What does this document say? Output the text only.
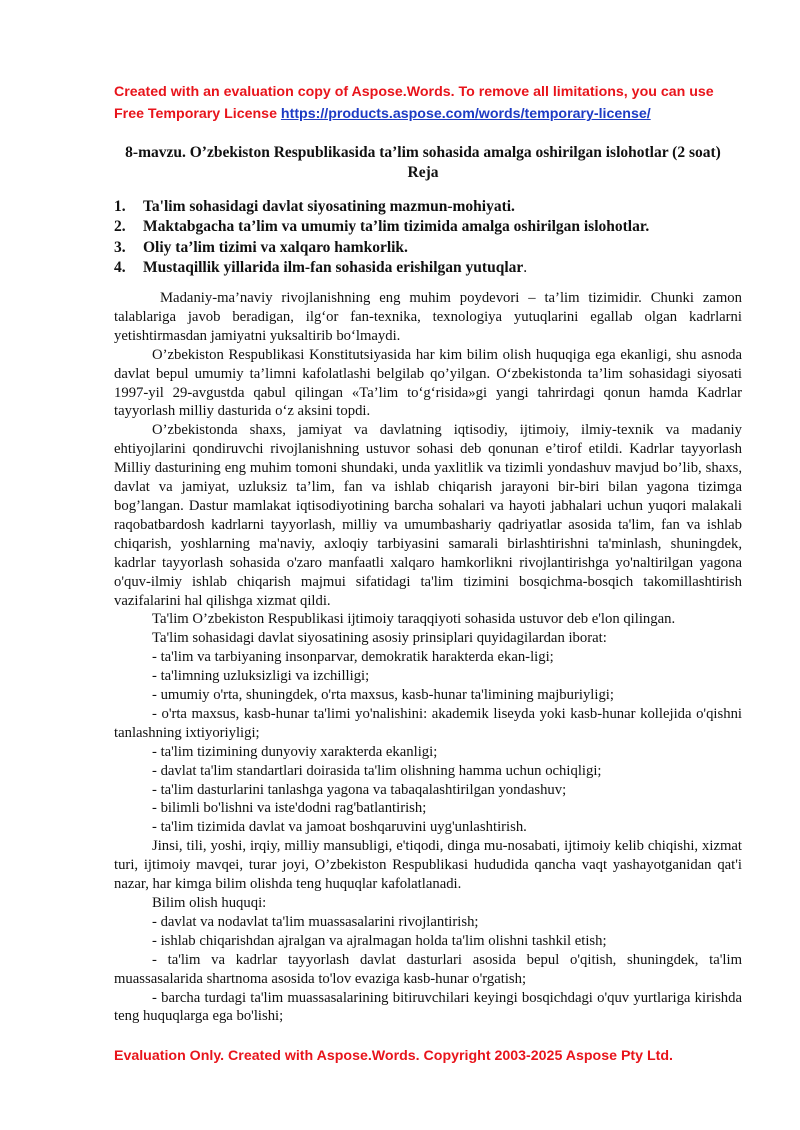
Created with an evaluation copy of Aspose.Words. To remove all limitations, you can use
Free Temporary License https://products.aspose.com/words/temporary-license/
8-mavzu. O’zbekiston Respublikasida ta’lim sohasida amalga oshirilgan islohotlar (2 soat)
Reja
1.	Ta'lim sohasidagi davlat siyosatining mazmun-mohiyati.
2.	Maktabgacha ta’lim va umumiy ta’lim tizimida amalga oshirilgan islohotlar.
3.	Oliy ta’lim tizimi va xalqaro hamkorlik.
4.	Mustaqillik yillarida ilm-fan sohasida erishilgan yutuqlar.

Madaniy-ma’naviy rivojlanishning eng muhim poydevori – ta’lim tizimidir. Chunki zamon talablariga javob beradigan, ilg‘or fan-texnika, texnologiya yutuqlarini egallab olgan kadrlarni yetishtirmasdan jamiyatni yuksaltirib bo‘lmaydi.

O’zbekiston Respublikasi Konstitutsiyasida har kim bilim olish huquqiga ega ekanligi, shu asnoda davlat bepul umumiy ta’limni kafolatlashi belgilab qo’yilgan. O‘zbekistonda ta’lim sohasidagi siyosati 1997-yil 29-avgustda qabul qilingan «Ta’lim to‘g‘risida»gi yangi tahrirdagi qonun hamda Kadrlar tayyorlash milliy dasturida o‘z aksini topdi.

O’zbekistonda shaxs, jamiyat va davlatning iqtisodiy, ijtimoiy, ilmiy-texnik va madaniy ehtiyojlarini qondiruvchi rivojlanishning ustuvor sohasi deb qonunan e’tirof etildi. Kadrlar tayyorlash Milliy dasturining eng muhim tomoni shundaki, unda yaxlitlik va tizimli yondashuv mavjud bo’lib, shaxs, davlat va jamiyat, uzluksiz ta’lim, fan va ishlab chiqarish jarayoni bir-biri bilan yagona tizimga bog’langan. Dastur mamlakat iqtisodiyotining barcha sohalari va hayoti jabhalari uchun yuqori malakali raqobatbardosh kadrlarni tayyorlash, milliy va umumbashariy qadriyatlar asosida ta'lim, fan va ishlab chiqarish, yoshlarning ma'naviy, axloqiy tarbiyasini samarali birlashtirishni ta'minlash, shuningdek, kadrlar tayyorlash sohasida o'zaro manfaatli xalqaro hamkorlikni rivojlantirishga yo'naltirilgan yagona o'quv-ilmiy ishlab chiqarish majmui sifatidagi ta'lim tizimini bosqichma-bosqich takomillashtirish vazifalarini hal qilishga xizmat qildi.

Ta'lim O’zbekiston Respublikasi ijtimoiy taraqqiyoti sohasida ustuvor deb e'lon qilingan.

Ta'lim sohasidagi davlat siyosatining asosiy prinsiplari quyidagilardan iborat:

- ta'lim va tarbiyaning insonparvar, demokratik harakterda ekan-ligi;

- ta'limning uzluksizligi va izchilligi;

- umumiy o'rta, shuningdek, o'rta maxsus, kasb-hunar ta'limining majburiyligi;

- o'rta maxsus, kasb-hunar ta'limi yo'nalishini: akademik liseyda yoki kasb-hunar kollejida o'qishni tanlashning ixtiyoriyligi;

- ta'lim tizimining dunyoviy xarakterda ekanligi;

- davlat ta'lim standartlari doirasida ta'lim olishning hamma uchun ochiqligi;

- ta'lim dasturlarini tanlashga yagona va tabaqalashtirilgan yondashuv;

- bilimli bo'lishni va iste'dodni rag'batlantirish;

- ta'lim tizimida davlat va jamoat boshqaruvini uyg'unlashtirish.

Jinsi, tili, yoshi, irqiy, milliy mansubligi, e'tiqodi, dinga mu-nosabati, ijtimoiy kelib chiqishi, xizmat turi, ijtimoiy mavqei, turar joyi, O’zbekiston Respublikasi hududida qancha vaqt yashayotganidan qat'i nazar, har kimga bilim olishda teng huquqlar kafolatlanadi.

Bilim olish huquqi:

- davlat va nodavlat ta'lim muassasalarini rivojlantirish;

- ishlab chiqarishdan ajralgan va ajralmagan holda ta'lim olishni tashkil etish;

- ta'lim va kadrlar tayyorlash davlat dasturlari asosida bepul o'qitish, shuningdek, ta'lim muassasalarida shartnoma asosida to'lov evaziga kasb-hunar o'rgatish;

- barcha turdagi ta'lim muassasalarining bitiruvchilari keyingi bosqichdagi o'quv yurtlariga kirishda teng huquqlarga ega bo'lishi;

Evaluation Only. Created with Aspose.Words. Copyright 2003-2025 Aspose Pty Ltd.
